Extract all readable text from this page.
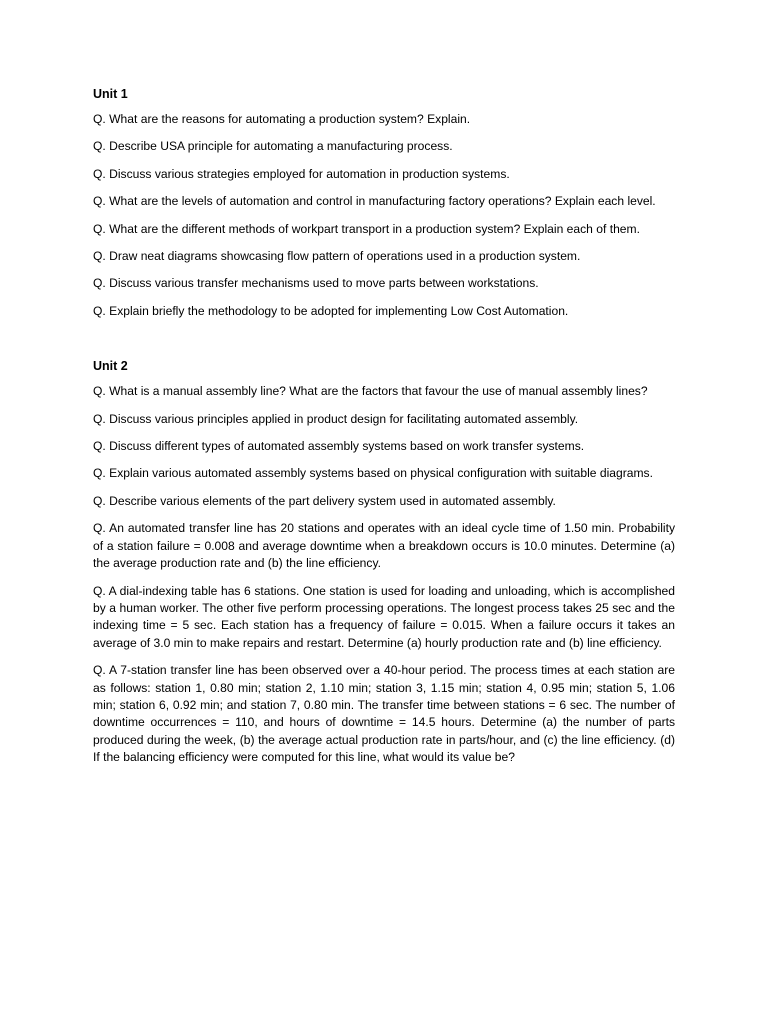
Unit 1

Q. What are the reasons for automating a production system? Explain.

Q. Describe USA principle for automating a manufacturing process.

Q. Discuss various strategies employed for automation in production systems.

Q. What are the levels of automation and control in manufacturing factory operations? Explain each level.

Q. What are the different methods of workpart transport in a production system? Explain each of them.

Q. Draw neat diagrams showcasing flow pattern of operations used in a production system.

Q. Discuss various transfer mechanisms used to move parts between workstations.

Q. Explain briefly the methodology to be adopted for implementing Low Cost Automation.

Unit 2

Q. What is a manual assembly line? What are the factors that favour the use of manual assembly lines?

Q. Discuss various principles applied in product design for facilitating automated assembly.

Q. Discuss different types of automated assembly systems based on work transfer systems.

Q. Explain various automated assembly systems based on physical configuration with suitable diagrams.

Q. Describe various elements of the part delivery system used in automated assembly.

Q. An automated transfer line has 20 stations and operates with an ideal cycle time of 1.50 min. Probability of a station failure = 0.008 and average downtime when a breakdown occurs is 10.0 minutes. Determine (a) the average production rate and (b) the line efficiency.

Q. A dial-indexing table has 6 stations. One station is used for loading and unloading, which is accomplished by a human worker. The other five perform processing operations. The longest process takes 25 sec and the indexing time = 5 sec. Each station has a frequency of failure = 0.015. When a failure occurs it takes an average of 3.0 min to make repairs and restart. Determine (a) hourly production rate and (b) line efficiency.

Q. A 7-station transfer line has been observed over a 40-hour period. The process times at each station are as follows: station 1, 0.80 min; station 2, 1.10 min; station 3, 1.15 min; station 4, 0.95 min; station 5, 1.06 min; station 6, 0.92 min; and station 7, 0.80 min. The transfer time between stations = 6 sec. The number of downtime occurrences = 110, and hours of downtime = 14.5 hours. Determine (a) the number of parts produced during the week, (b) the average actual production rate in parts/hour, and (c) the line efficiency. (d) If the balancing efficiency were computed for this line, what would its value be?
